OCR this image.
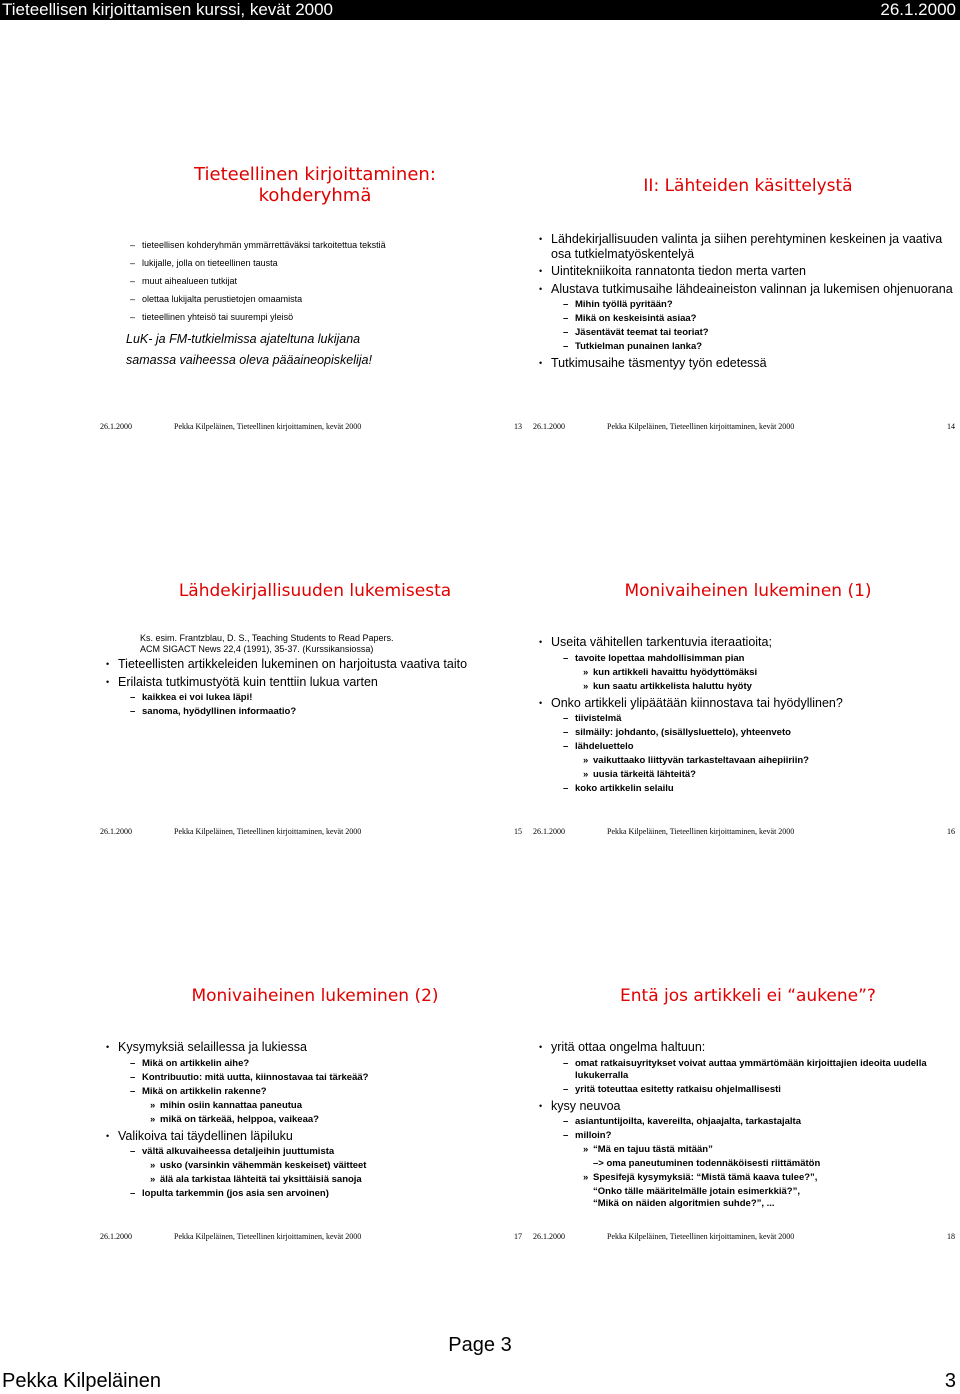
Tieteellisen kirjoittamisen kurssi, kevät 2000	26.1.2000
Tieteellinen kirjoittaminen:
kohderyhmä
– tieteellisen kohderyhmän ymmärrettäväksi tarkoitettua tekstiä
– lukijalle, jolla on tieteellinen tausta
– muut aihealueen tutkijat
– olettaa lukijalta perustietojen omaamista
– tieteellinen yhteisö tai suurempi yleisö
LuK- ja FM-tutkielmissa ajateltuna lukijana
samassa vaiheessa oleva pääaineopiskelija!
26.1.2000	Pekka Kilpeläinen, Tieteellinen kirjoittaminen, kevät 2000	13
II: Lähteiden käsittelystä
• Lähdekirjallisuuden valinta ja siihen perehtyminen keskeinen ja vaativa osa tutkielmatyöskentelyä
• Uintitekniikoita rannatonta tiedon merta varten
• Alustava tutkimusaihe lähdeaineiston valinnan ja lukemisen ohjenuorana
– Mihin työllä pyritään?
– Mikä on keskeisintä asiaa?
– Jäsentävät teemat tai teoriat?
– Tutkielman punainen lanka?
• Tutkimusaihe täsmentyy työn edetessä
26.1.2000	Pekka Kilpeläinen, Tieteellinen kirjoittaminen, kevät 2000	14
Lähdekirjallisuuden lukemisesta
Ks. esim. Frantzblau, D. S., Teaching Students to Read Papers.
ACM SIGACT News 22,4 (1991), 35-37. (Kurssikansiossa)
• Tieteellisten artikkeleiden lukeminen on harjoitusta vaativa taito
• Erilaista tutkimustyötä kuin tenttiin lukua varten
– kaikkea ei voi lukea läpi!
– sanoma, hyödyllinen informaatio?
26.1.2000	Pekka Kilpeläinen, Tieteellinen kirjoittaminen, kevät 2000	15
Monivaiheinen lukeminen (1)
• Useita vähitellen tarkentuvia iteraatioita;
– tavoite lopettaa mahdollisimman pian
» kun artikkeli havaittu hyödyttömäksi
» kun saatu artikkelista haluttu hyöty
• Onko artikkeli ylipäätään kiinnostava tai hyödyllinen?
– tiivistelmä
– silmäily: johdanto, (sisällysluettelo), yhteenveto
– lähdeluettelo
» vaikuttaako liittyvän tarkasteltavaan aihepiiriin?
» uusia tärkeitä lähteitä?
– koko artikkelin selailu
26.1.2000	Pekka Kilpeläinen, Tieteellinen kirjoittaminen, kevät 2000	16
Monivaiheinen lukeminen (2)
• Kysymyksiä selaillessa ja lukiessa
– Mikä on artikkelin aihe?
– Kontribuutio: mitä uutta, kiinnostavaa tai tärkeää?
– Mikä on artikkelin rakenne?
» mihin osiin kannattaa paneutua
» mikä on tärkeää, helppoa, vaikeaa?
• Valikoiva tai täydellinen läpiluku
– vältä alkuvaiheessa detaljeihin juuttumista
» usko (varsinkin vähemmän keskeiset) väitteet
» älä ala tarkistaa lähteitä tai yksittäisiä sanoja
– lopulta tarkemmin (jos asia sen arvoinen)
26.1.2000	Pekka Kilpeläinen, Tieteellinen kirjoittaminen, kevät 2000	17
Entä jos artikkeli ei “aukene”?
• yritä ottaa ongelma haltuun:
– omat ratkaisuyritykset voivat auttaa ymmärtömään kirjoittajien ideoita uudella lukukerralla
– yritä toteuttaa esitetty ratkaisu ohjelmallisesti
• kysy neuvoa
– asiantuntijoilta, kavereilta, ohjaajalta, tarkastajalta
– milloin?
» “Mä en tajuu tästä mitään”
–> oma paneutuminen todennäköisesti riittämätön
» Spesifejä kysymyksiä: “Mistä tämä kaava tulee?”,
“Onko tälle määritelmälle jotain esimerkkiä?”,
“Mikä on näiden algoritmien suhde?”, ...
26.1.2000	Pekka Kilpeläinen, Tieteellinen kirjoittaminen, kevät 2000	18
Page 3
Pekka Kilpeläinen	3
